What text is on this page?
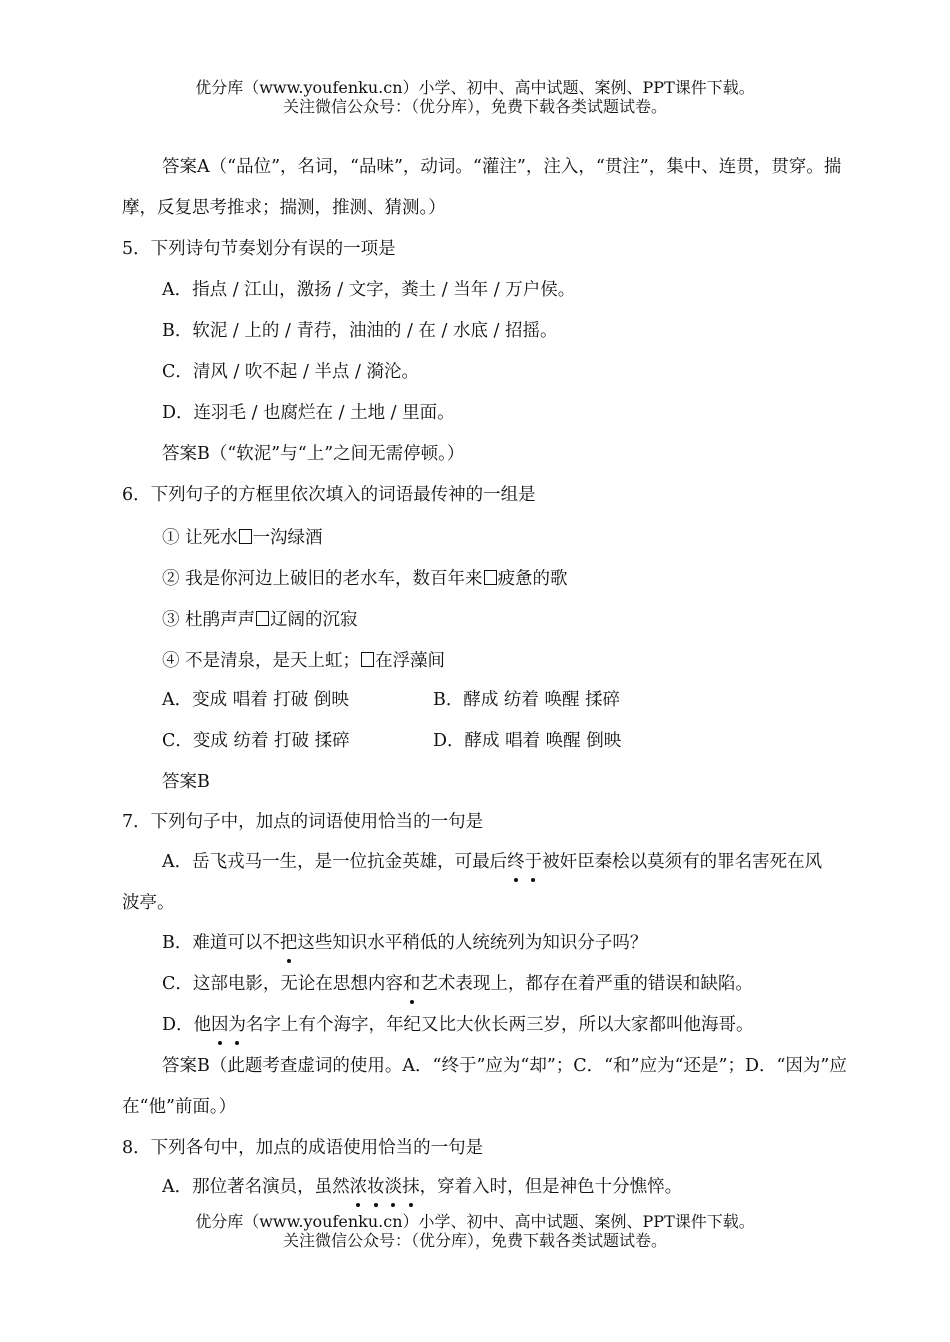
优分库（www.youfenku.cn）小学、初中、高中试题、案例、PPT课件下载。
关注微信公众号：（优分库），免费下载各类试题试卷。
答案A（“品位”，名词，“品味”，动词。“灌注”，注入，“贯注”，集中、连贯，贯穿。揣
摩，反复思考推求；揣测，推测、猜测。）
5．下列诗句节奏划分有误的一项是
A．指点 / 江山，激扬 / 文字，粪土 / 当年 / 万户侯。
B．软泥 / 上的 / 青荇，油油的 / 在 / 水底 / 招摇。
C．清风 / 吹不起 / 半点 / 漪沦。
D．连羽毛 / 也腐烂在 / 土地 / 里面。
答案B（“软泥”与“上”之间无需停顿。）
6．下列句子的方框里依次填入的词语最传神的一组是
① 让死水 一沟绿酒
② 我是你河边上破旧的老水车，数百年来 疲惫的歌
③ 杜鹃声声 辽阔的沉寂
④ 不是清泉，是天上虹； 在浮藻间
A．变成 唱着 打破 倒映	B．酵成 纺着 唤醒 揉碎
C．变成 纺着 打破 揉碎	D．酵成 唱着 唤醒 倒映
答案B
7．下列句子中，加点的词语使用恰当的一句是
A．岳飞戎马一生，是一位抗金英雄，可最后终于被奸臣秦桧以莫须有的罪名害死在风
波亭。
B．难道可以不把这些知识水平稍低的人统统列为知识分子吗？
C．这部电影，无论在思想内容和艺术表现上，都存在着严重的错误和缺陷。
D．他因为名字上有个海字，年纪又比大伙长两三岁，所以大家都叫他海哥。
答案B（此题考查虚词的使用。A．“终于”应为“却”；C．“和”应为“还是”；D．“因为”应
在“他”前面。）
8．下列各句中，加点的成语使用恰当的一句是
A．那位著名演员，虽然浓妆淡抹，穿着入时，但是神色十分憔悴。
优分库（www.youfenku.cn）小学、初中、高中试题、案例、PPT课件下载。
关注微信公众号：（优分库），免费下载各类试题试卷。
